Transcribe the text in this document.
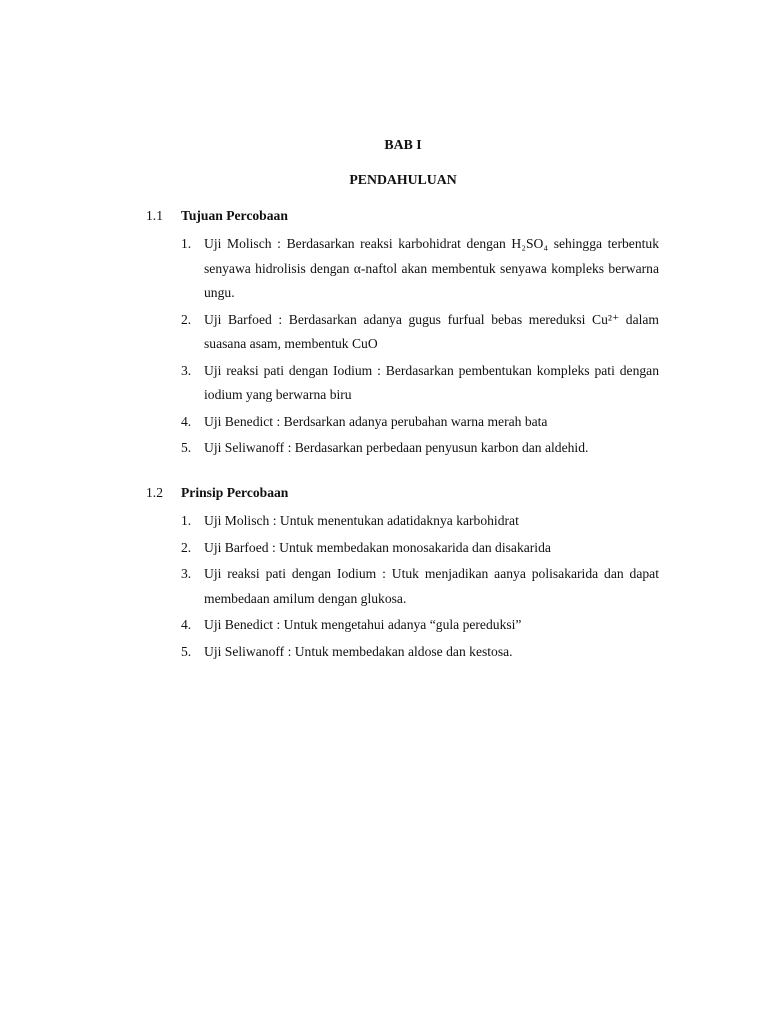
BAB I

PENDAHULUAN

1.1 Tujuan Percobaan

1. Uji Molisch : Berdasarkan reaksi karbohidrat dengan H₂SO₄ sehingga terbentuk senyawa hidrolisis dengan α-naftol akan membentuk senyawa kompleks berwarna ungu.
2. Uji Barfoed : Berdasarkan adanya gugus furfual bebas mereduksi Cu²⁺ dalam suasana asam, membentuk CuO
3. Uji reaksi pati dengan Iodium : Berdasarkan pembentukan kompleks pati dengan iodium yang berwarna biru
4. Uji Benedict : Berdsarkan adanya perubahan warna merah bata
5. Uji Seliwanoff : Berdasarkan perbedaan penyusun karbon dan aldehid.

1.2 Prinsip Percobaan

1. Uji Molisch : Untuk menentukan adatidaknya karbohidrat
2. Uji Barfoed : Untuk membedakan monosakarida dan disakarida
3. Uji reaksi pati dengan Iodium : Utuk menjadikan aanya polisakarida dan dapat membedaan amilum dengan glukosa.
4. Uji Benedict : Untuk mengetahui adanya “gula pereduksi”
5. Uji Seliwanoff : Untuk membedakan aldose dan kestosa.
